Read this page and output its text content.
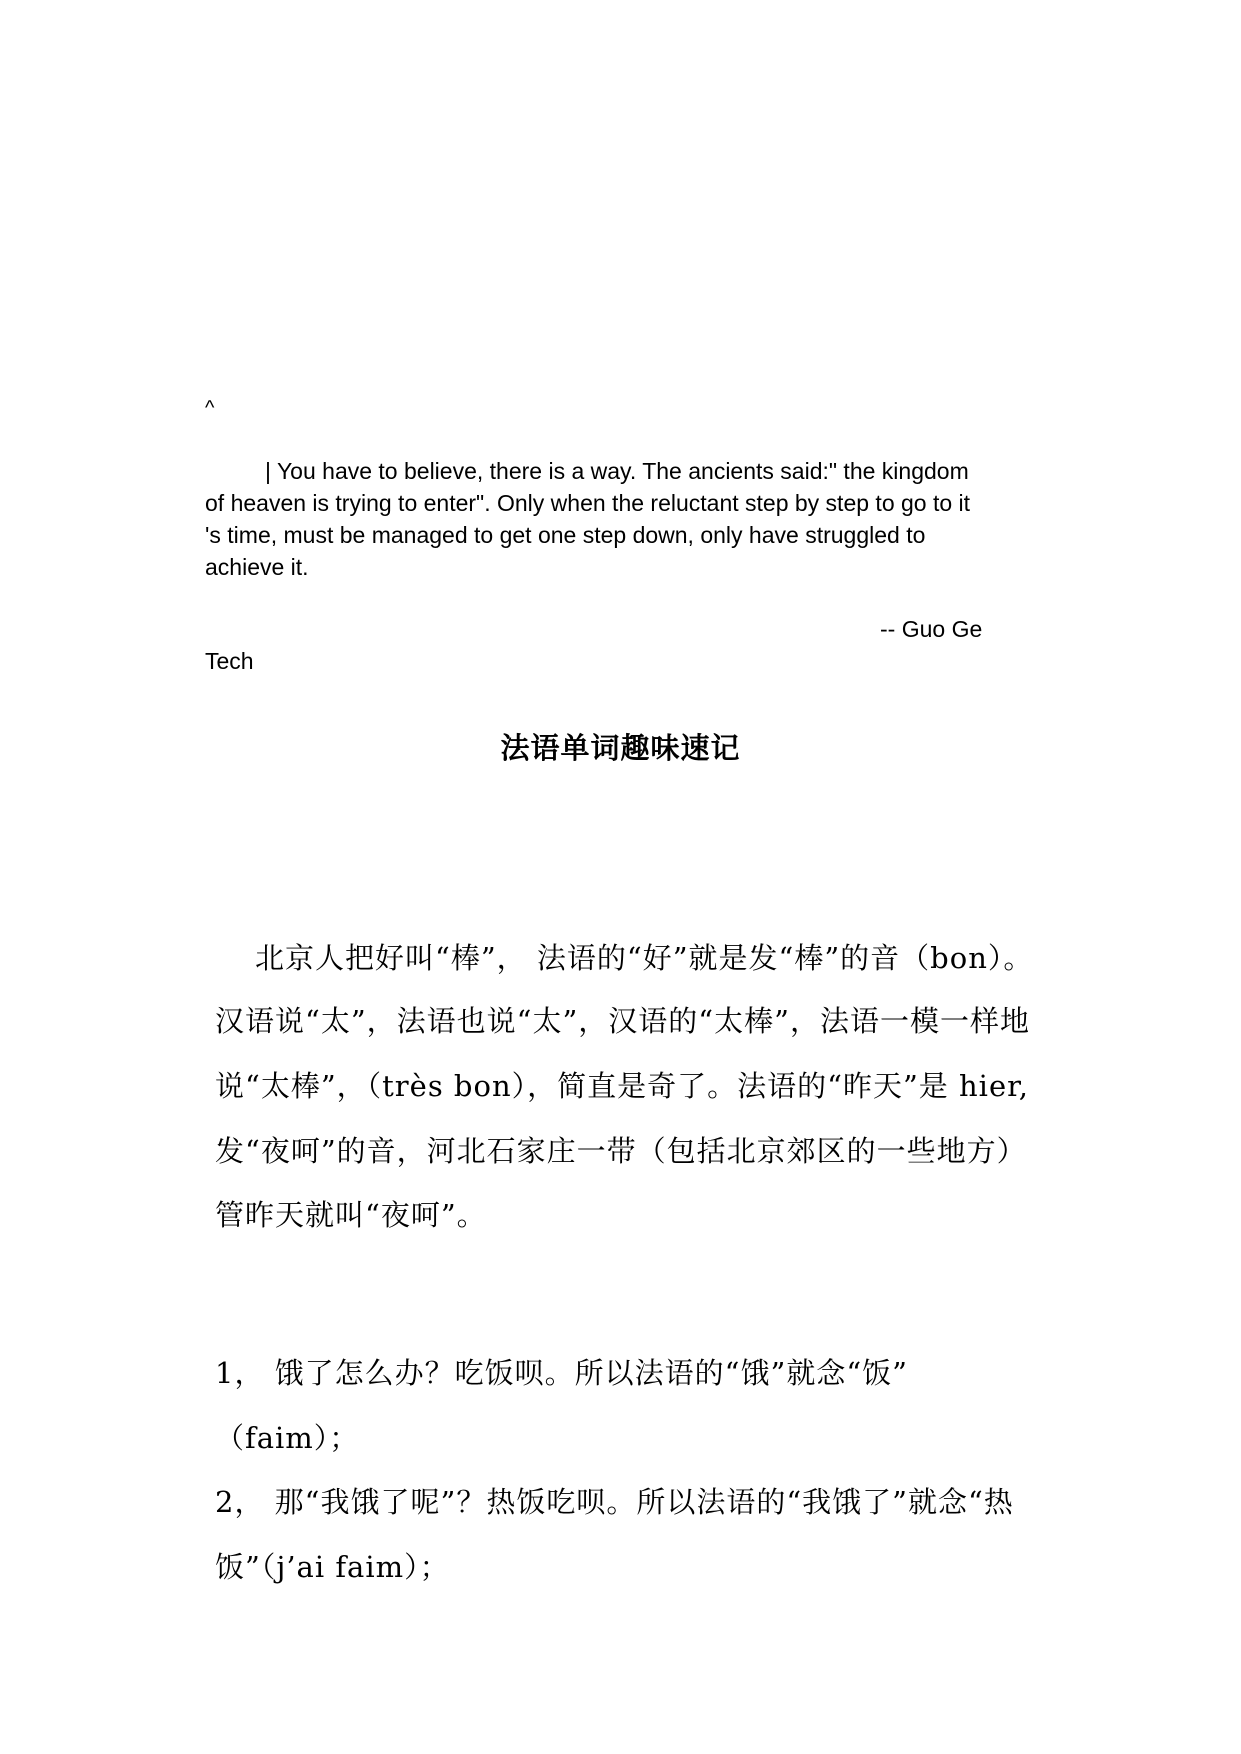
^
| You have to believe, there is a way. The ancients said:" the kingdom
of heaven is trying to enter". Only when the reluctant step by step to go to it
's time, must be managed to get one step down, only have struggled to
achieve it.
-- Guo Ge
Tech
法语单词趣味速记
北京人把好叫“棒”， 法语的“好”就是发“棒”的音（bon）。
汉语说“太”，法语也说“太”，汉语的“太棒”，法语一模一样地
说“太棒”，（très bon），简直是奇了。法语的“昨天”是 hier,
发“夜呵”的音，河北石家庄一带（包括北京郊区的一些地方）
管昨天就叫“夜呵”。
1， 饿了怎么办？吃饭呗。所以法语的“饿”就念“饭”
（faim）；
2， 那“我饿了呢”？热饭吃呗。所以法语的“我饿了”就念“热
饭”（j’ai faim）；
